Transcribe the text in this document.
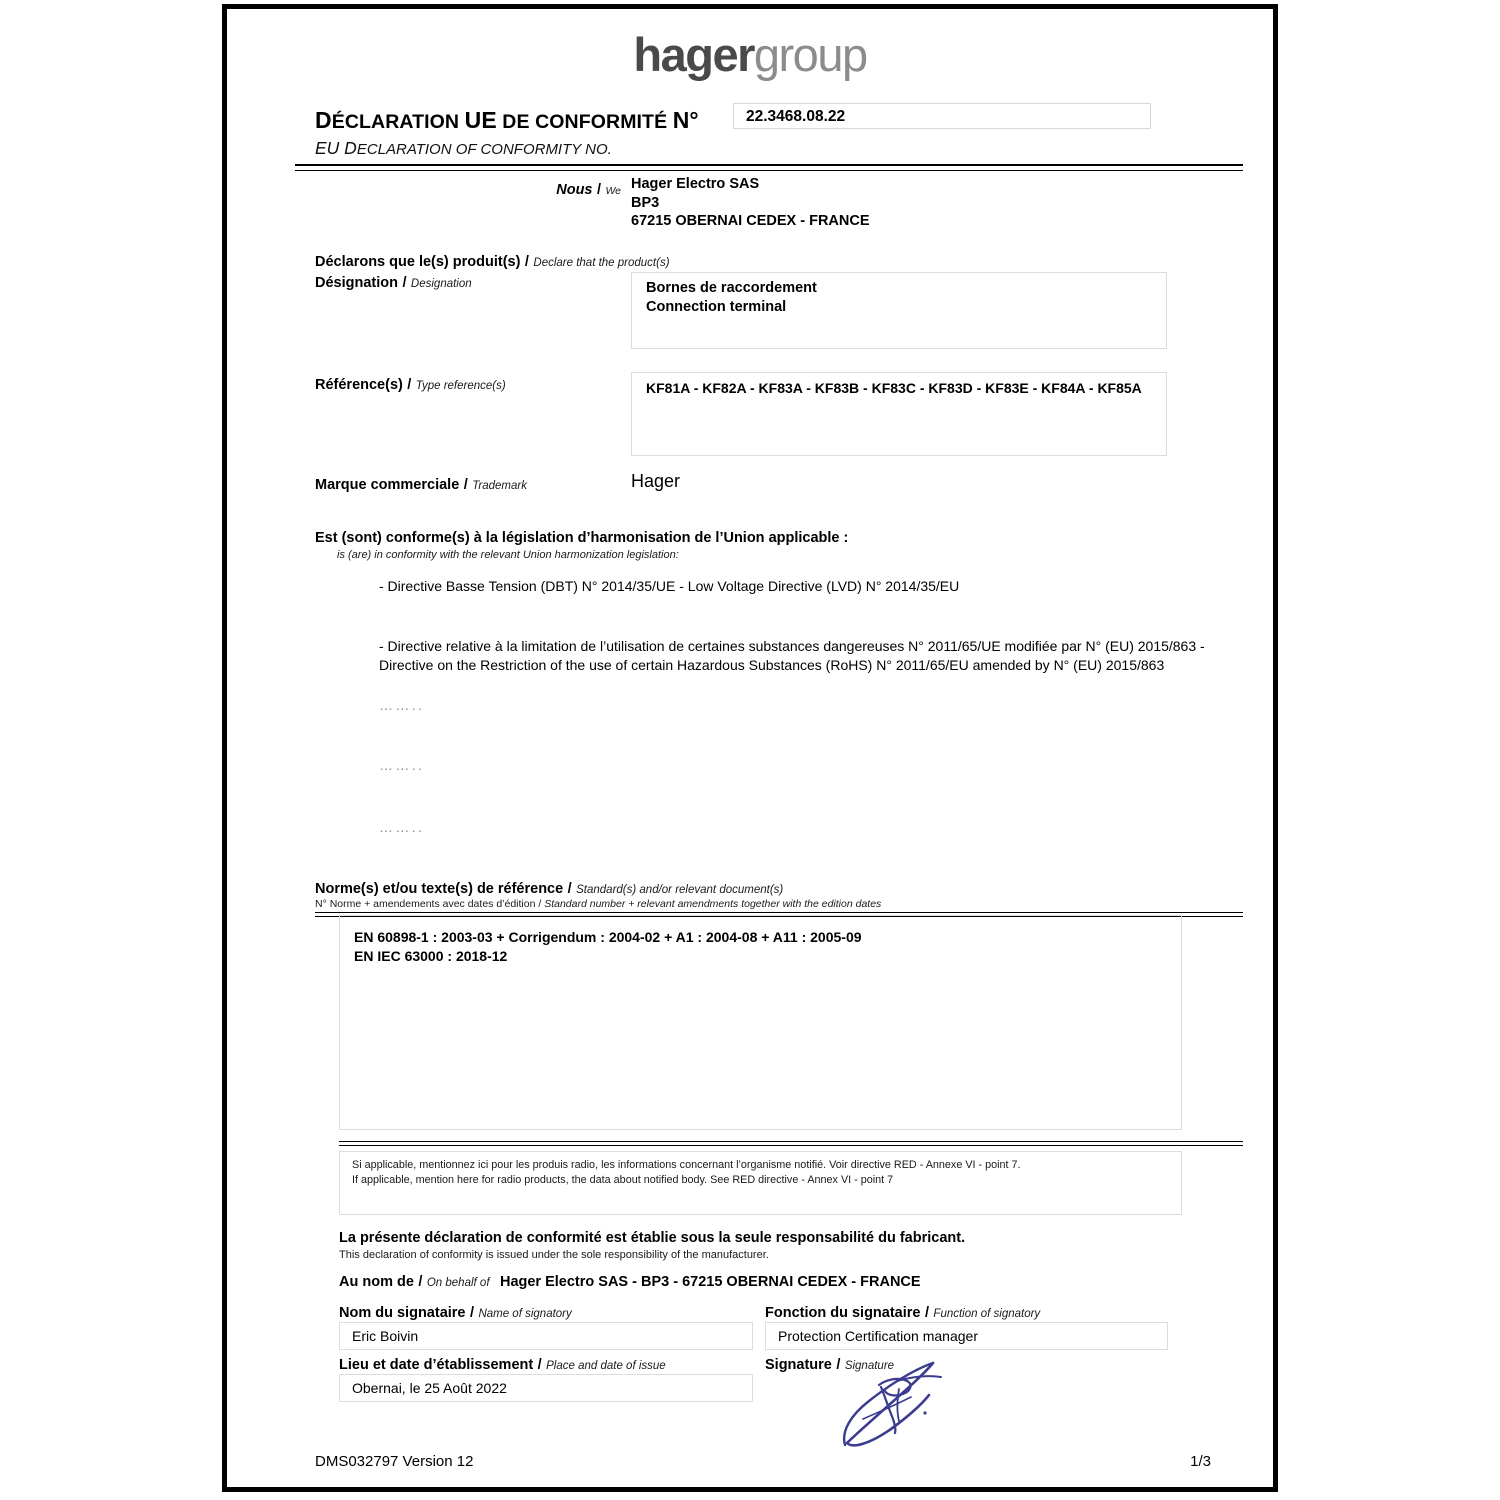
hagergroup
DÉCLARATION UE DE CONFORMITÉ N°	22.3468.08.22
EU DECLARATION OF CONFORMITY NO.
Nous / We Hager Electro SAS
BP3
67215 OBERNAI CEDEX - FRANCE
Déclarons que le(s) produit(s) / Declare that the product(s)
Désignation / Designation	Bornes de raccordement
Connection terminal
Référence(s) / Type reference(s)	KF81A - KF82A - KF83A - KF83B - KF83C - KF83D - KF83E - KF84A - KF85A
Marque commerciale / Trademark	Hager
Est (sont) conforme(s) à la législation d’harmonisation de l’Union applicable :
is (are) in conformity with the relevant Union harmonization legislation:
- Directive Basse Tension (DBT) N° 2014/35/UE - Low Voltage Directive (LVD) N° 2014/35/EU
- Directive relative à la limitation de l’utilisation de certaines substances dangereuses N° 2011/65/UE modifiée par N° (EU) 2015/863 -
Directive on the Restriction of the use of certain Hazardous Substances (RoHS) N° 2011/65/EU amended by N° (EU) 2015/863
……..
……..
……..
Norme(s) et/ou texte(s) de référence / Standard(s) and/or relevant document(s)
N° Norme + amendements avec dates d’édition / Standard number + relevant amendments together with the edition dates
EN 60898-1 : 2003-03 + Corrigendum : 2004-02 + A1 : 2004-08 + A11 : 2005-09
EN IEC 63000 : 2018-12
Si applicable, mentionnez ici pour les produis radio, les informations concernant l’organisme notifié. Voir directive RED - Annexe VI - point 7.
If applicable, mention here for radio products, the data about notified body. See RED directive - Annex VI - point 7
La présente déclaration de conformité est établie sous la seule responsabilité du fabricant.
This declaration of conformity is issued under the sole responsibility of the manufacturer.
Au nom de / On behalf of Hager Electro SAS - BP3 - 67215 OBERNAI CEDEX - FRANCE
Nom du signataire / Name of signatory
Eric Boivin
Fonction du signataire / Function of signatory
Protection Certification manager
Lieu et date d’établissement / Place and date of issue
Obernai, le 25 Août 2022
Signature / Signature
DMS032797 Version 12	1/3
